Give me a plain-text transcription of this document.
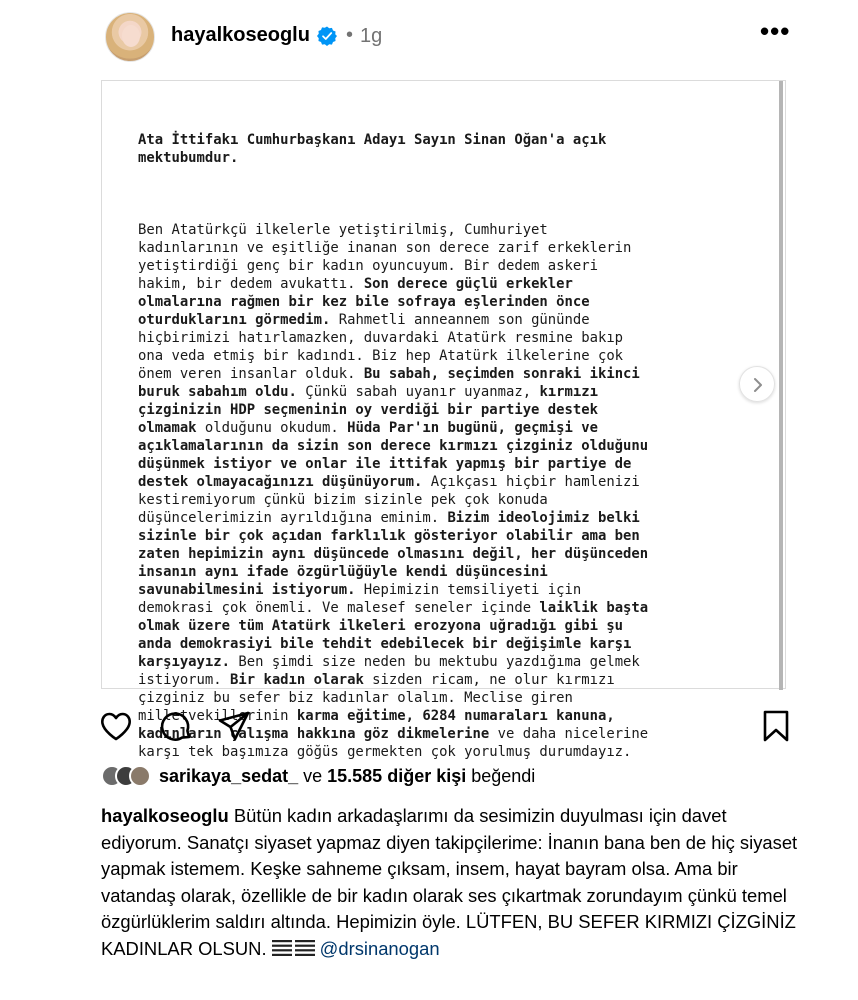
hayalkoseoglu • 1g	•••

Ata İttifakı Cumhurbaşkanı Adayı Sayın Sinan Oğan'a açık
mektubumdur.

Ben Atatürkçü ilkelerle yetiştirilmiş, Cumhuriyet
kadınlarının ve eşitliğe inanan son derece zarif erkeklerin
yetiştirdiği genç bir kadın oyuncuyum. Bir dedem askeri
hakim, bir dedem avukattı. Son derece güçlü erkekler
olmalarına rağmen bir kez bile sofraya eşlerinden önce
oturduklarını görmedim. Rahmetli anneannem son gününde
hiçbirimizi hatırlamazken, duvardaki Atatürk resmine bakıp
ona veda etmiş bir kadındı. Biz hep Atatürk ilkelerine çok
önem veren insanlar olduk. Bu sabah, seçimden sonraki ikinci
buruk sabahım oldu. Çünkü sabah uyanır uyanmaz, kırmızı
çizginizin HDP seçmeninin oy verdiği bir partiye destek
olmamak olduğunu okudum. Hüda Par'ın bugünü, geçmişi ve
açıklamalarının da sizin son derece kırmızı çizginiz olduğunu
düşünmek istiyor ve onlar ile ittifak yapmış bir partiye de
destek olmayacağınızı düşünüyorum. Açıkçası hiçbir hamlenizi
kestiremiyorum çünkü bizim sizinle pek çok konuda
düşüncelerimizin ayrıldığına eminim. Bizim ideolojimiz belki
sizinle bir çok açıdan farklılık gösteriyor olabilir ama ben
zaten hepimizin aynı düşüncede olmasını değil, her düşünceden
insanın aynı ifade özgürlüğüyle kendi düşüncesini
savunabilmesini istiyorum. Hepimizin temsiliyeti için
demokrasi çok önemli. Ve malesef seneler içinde laiklik başta
olmak üzere tüm Atatürk ilkeleri erozyona uğradığı gibi şu
anda demokrasiyi bile tehdit edebilecek bir değişimle karşı
karşıyayız. Ben şimdi size neden bu mektubu yazdığıma gelmek
istiyorum. Bir kadın olarak sizden ricam, ne olur kırmızı
çizginiz bu sefer biz kadınlar olalım. Meclise giren
milletvekillerinin karma eğitime, 6284 numaraları kanuna,
kadınların çalışma hakkına göz dikmelerine ve daha nicelerine
karşı tek başımıza göğüs germekten çok yorulmuş durumdayız.

sarikaya_sedat_ ve 15.585 diğer kişi beğendi
hayalkoseoglu Bütün kadın arkadaşlarımı da sesimizin duyulması için davet ediyorum. Sanatçı siyaset yapmaz diyen takipçilerime: İnanın bana ben de hiç siyaset yapmak istemem. Keşke sahneme çıksam, insem, hayat bayram olsa. Ama bir vatandaş olarak, özellikle de bir kadın olarak ses çıkartmak zorundayım çünkü temel özgürlüklerim saldırı altında. Hepimizin öyle. LÜTFEN, BU SEFER KIRMIZI ÇİZGİNİZ KADINLAR OLSUN.	@drsinanogan
